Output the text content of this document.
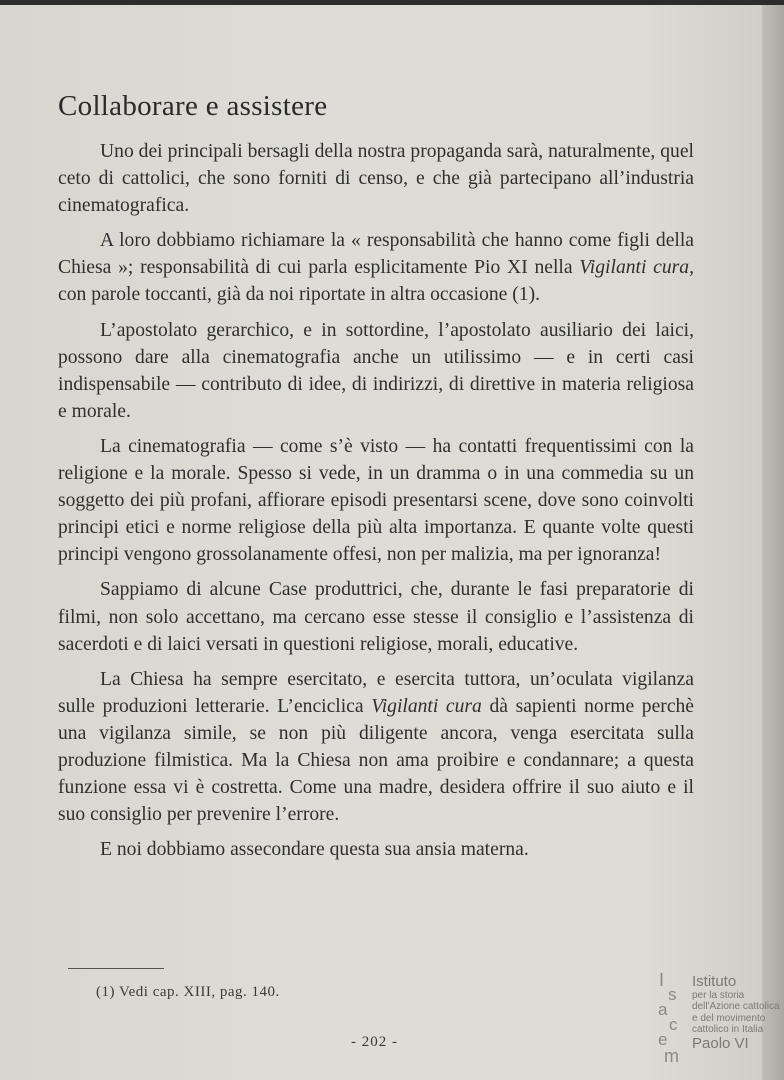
Collaborare e assistere

Uno dei principali bersagli della nostra propaganda sarà, naturalmente, quel ceto di cattolici, che sono forniti di censo, e che già partecipano all’industria cinematografica.

A loro dobbiamo richiamare la « responsabilità che hanno come figli della Chiesa »; responsabilità di cui parla esplicitamente Pio XI nella Vigilanti cura, con parole toccanti, già da noi riportate in altra occasione (1).

L’apostolato gerarchico, e in sottordine, l’apostolato ausiliario dei laici, possono dare alla cinematografia anche un utilissimo — e in certi casi indispensabile — contributo di idee, di indirizzi, di direttive in materia religiosa e morale.

La cinematografia — come s’è visto — ha contatti frequentissimi con la religione e la morale. Spesso si vede, in un dramma o in una commedia su un soggetto dei più profani, affiorare episodi presentarsi scene, dove sono coinvolti principi etici e norme religiose della più alta importanza. E quante volte questi principi vengono grossolanamente offesi, non per malizia, ma per ignoranza!

Sappiamo di alcune Case produttrici, che, durante le fasi preparatorie di filmi, non solo accettano, ma cercano esse stesse il consiglio e l’assistenza di sacerdoti e di laici versati in questioni religiose, morali, educative.

La Chiesa ha sempre esercitato, e esercita tuttora, un’oculata vigilanza sulle produzioni letterarie. L’enciclica Vigilanti cura dà sapienti norme perchè una vigilanza simile, se non più diligente ancora, venga esercitata sulla produzione filmistica. Ma la Chiesa non ama proibire e condannare; a questa funzione essa vi è costretta. Come una madre, desidera offrire il suo aiuto e il suo consiglio per prevenire l’errore.

E noi dobbiamo assecondare questa sua ansia materna.

(1) Vedi cap. XIII, pag. 140.
- 202 -
I
s
a
c
e
m
Istituto
per la storia
dell'Azione cattolica
e del movimento
cattolico in Italia
Paolo VI
